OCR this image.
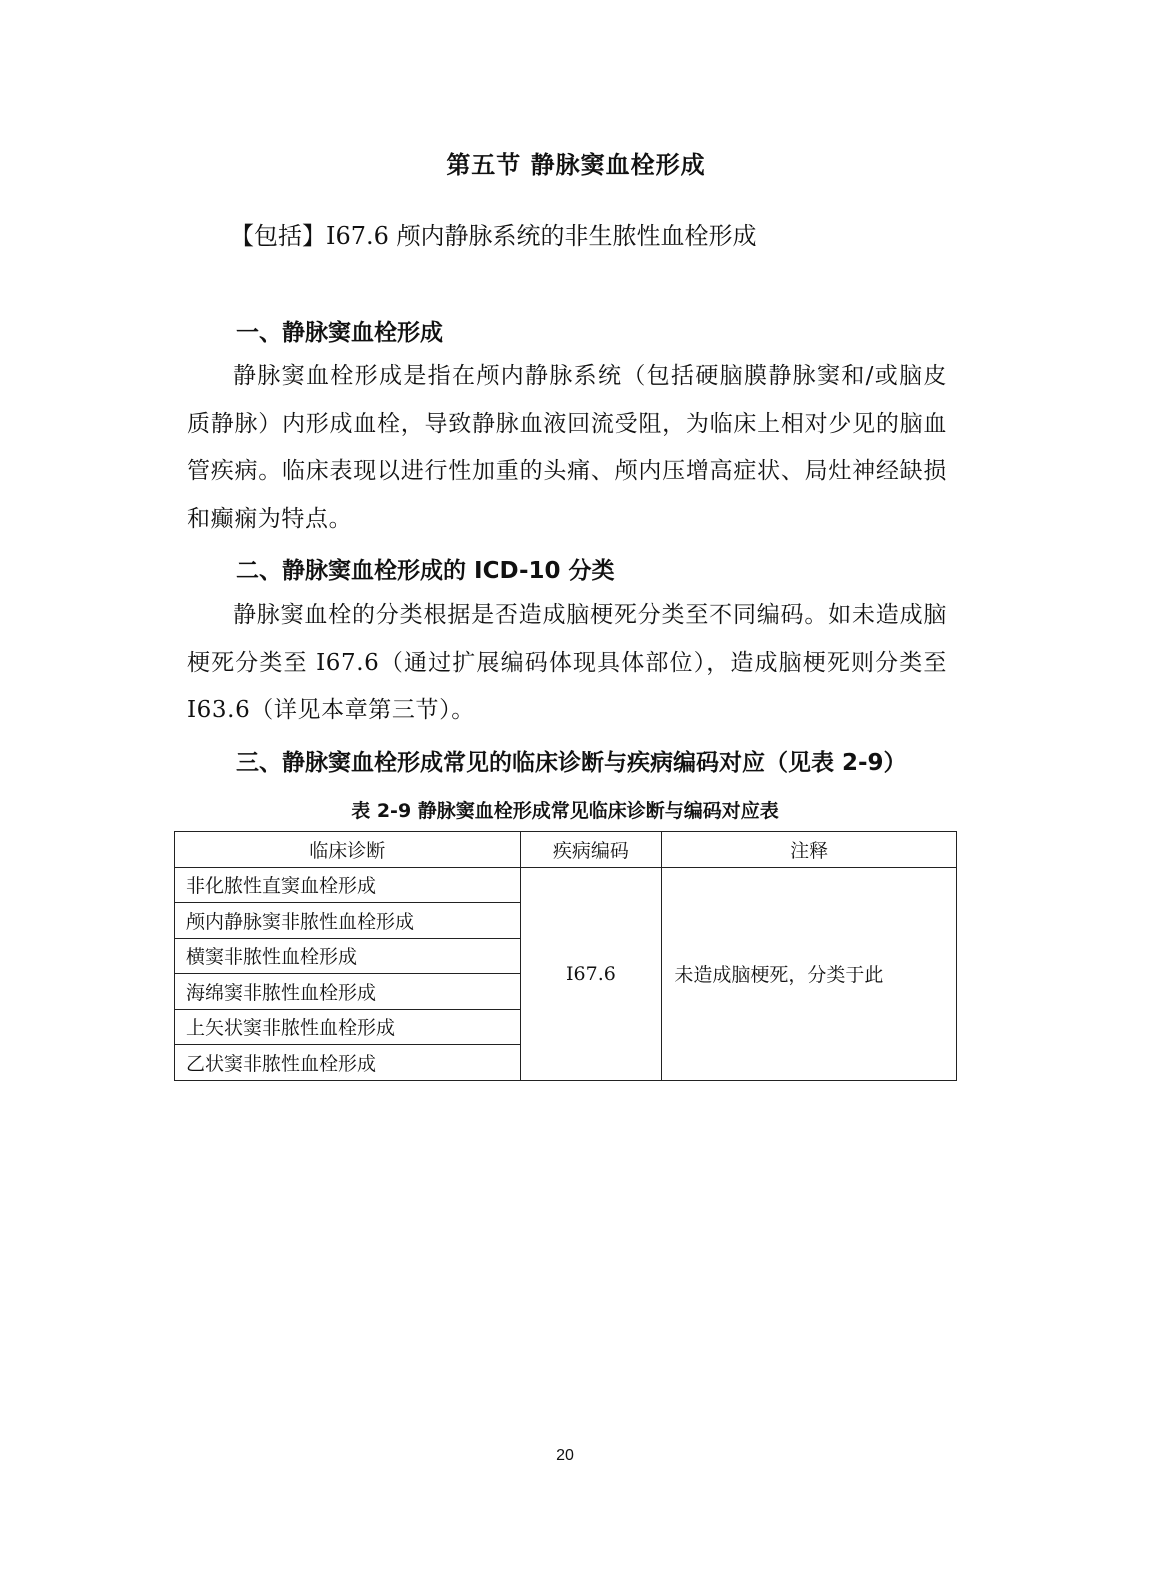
第五节 静脉窦血栓形成
【包括】I67.6 颅内静脉系统的非生脓性血栓形成
一、静脉窦血栓形成

静脉窦血栓形成是指在颅内静脉系统（包括硬脑膜静脉窦和/或脑皮质静脉）内形成血栓，导致静脉血液回流受阻，为临床上相对少见的脑血管疾病。临床表现以进行性加重的头痛、颅内压增高症状、局灶神经缺损和癫痫为特点。

二、静脉窦血栓形成的 ICD-10 分类

静脉窦血栓的分类根据是否造成脑梗死分类至不同编码。如未造成脑梗死分类至 I67.6（通过扩展编码体现具体部位），造成脑梗死则分类至 I63.6（详见本章第三节）。

三、静脉窦血栓形成常见的临床诊断与疾病编码对应（见表 2-9）
表 2-9 静脉窦血栓形成常见临床诊断与编码对应表
临床诊断	疾病编码	注释
非化脓性直窦血栓形成	I67.6	未造成脑梗死，分类于此
颅内静脉窦非脓性血栓形成		
横窦非脓性血栓形成		
海绵窦非脓性血栓形成		
上矢状窦非脓性血栓形成		
乙状窦非脓性血栓形成		
20
